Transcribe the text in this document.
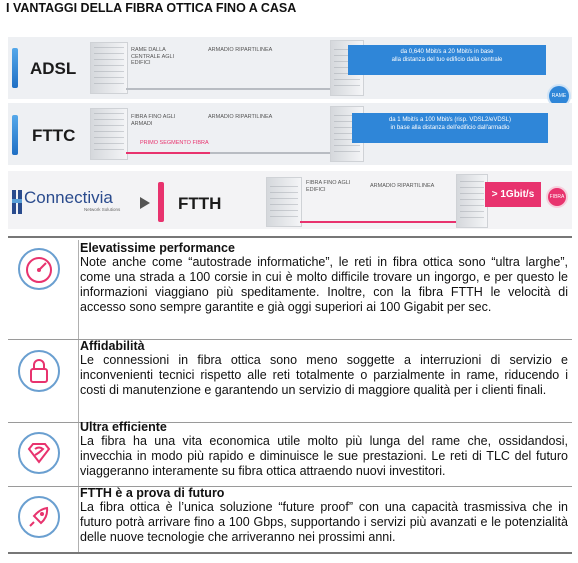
I VANTAGGI DELLA FIBRA OTTICA FINO A CASA
ADSL
RAME DALLA CENTRALE AGLI EDIFICI
ARMADIO RIPARTILINEA	da 0,640 Mbit/s a 20 Mbit/s in base
alla distanza del tuo edificio dalla centrale
RAME
FTTC
FIBRA FINO AGLI ARMADI
ARMADIO RIPARTILINEA
PRIMO SEGMENTO FIBRA
da 1 Mbit/s a 100 Mbit/s (risp. VDSL2/eVDSL)
in base alla distanza dell'edificio dall'armadio
Connectivia
Network Solutions	FTTH
FIBRA FINO AGLI EDIFICI
ARMADIO RIPARTILINEA
> 1Gbit/s	FIBRA
Elevatissime performance
Note anche come “autostrade informatiche”, le reti in fibra ottica sono “ultra larghe”, come una strada a 100 corsie in cui è molto difficile trovare un ingorgo, e per questo le informazioni viaggiano più speditamente. Inoltre, con la fibra FTTH le velocità di accesso sono sempre garantite e già oggi superiori ai 100 Gigabit per sec.
Affidabilità
Le connessioni in fibra ottica sono meno soggette a interruzioni di servizio e inconvenienti tecnici rispetto alle reti totalmente o parzialmente in rame, riducendo i costi di manutenzione e garantendo un servizio di maggiore qualità per i clienti finali.
Ultra efficiente
La fibra ha una vita economica utile molto più lunga del rame che, ossidandosi, invecchia in modo più rapido e diminuisce le sue prestazioni. Le reti di TLC del futuro viaggeranno interamente su fibra ottica attraendo nuovi investitori.
FTTH è a prova di futuro
La fibra ottica è l’unica soluzione “future proof” con una capacità trasmissiva che in futuro potrà arrivare fino a 100 Gbps, supportando i servizi più avanzati e le potenzialità delle nuove tecnologie che arriveranno nei prossimi anni.
